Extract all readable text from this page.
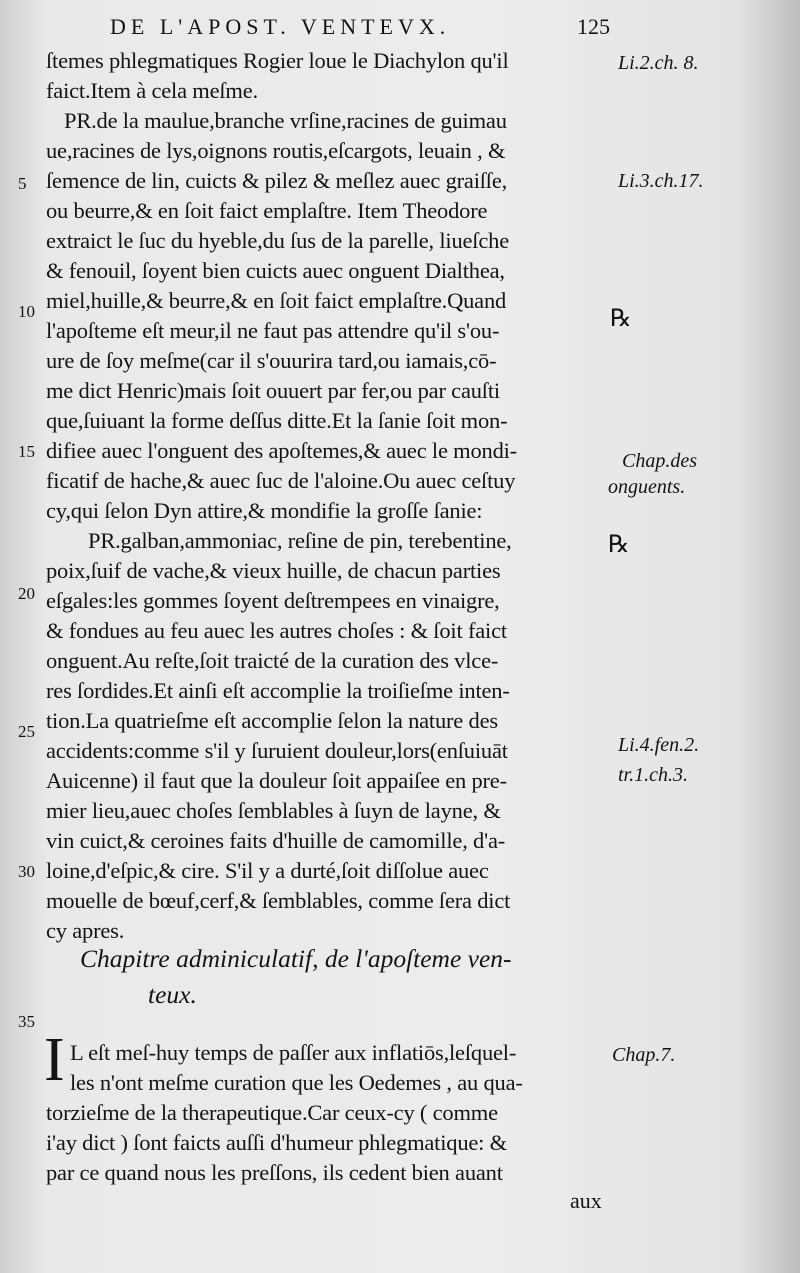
DE L'APOST. VENTEVX.	125
ſtemes phlegmatiques Rogier loue le Diachylon qu'il
faict.Item à cela meſme.
PR.de la maulue,branche vrſine,racines de guimau
ue,racines de lys,oignons routis,eſcargots, leuain , &
ſemence de lin, cuicts & pilez & meſlez auec graiſſe,
ou beurre,& en ſoit faict emplaſtre. Item Theodore
extraict le ſuc du hyeble,du ſus de la parelle, liueſche
& fenouil, ſoyent bien cuicts auec onguent Dialthea,
miel,huille,& beurre,& en ſoit faict emplaſtre.Quand
l'apoſteme eſt meur,il ne faut pas attendre qu'il s'ou-
ure de ſoy meſme(car il s'ouurira tard,ou iamais,cō-
me dict Henric)mais ſoit ouuert par fer,ou par cauſti
que,ſuiuant la forme deſſus ditte.Et la ſanie ſoit mon-
difiee auec l'onguent des apoſtemes,& auec le mondi-
ficatif de hache,& auec ſuc de l'aloine.Ou auec ceſtuy
cy,qui ſelon Dyn attire,& mondifie la groſſe ſanie:
PR.galban,ammoniac, reſine de pin, terebentine,
poix,ſuif de vache,& vieux huille, de chacun parties
eſgales:les gommes ſoyent deſtrempees en vinaigre,
& fondues au feu auec les autres choſes : & ſoit faict
onguent.Au reſte,ſoit traicté de la curation des vlce-
res ſordides.Et ainſi eſt accomplie la troiſieſme inten-
tion.La quatrieſme eſt accomplie ſelon la nature des
accidents:comme s'il y ſuruient douleur,lors(enſuiuāt
Auicenne) il faut que la douleur ſoit appaiſee en pre-
mier lieu,auec choſes ſemblables à ſuyn de layne, &
vin cuict,& ceroines faits d'huille de camomille, d'a-
loine,d'eſpic,& cire. S'il y a durté,ſoit diſſolue auec
mouelle de bœuf,cerf,& ſemblables, comme ſera dict
cy apres.
5
10
15
20
25
30
35
Li.2.ch. 8.
Li.3.ch.17.
Chap.des
onguents.
Li.4.fen.2.
tr.1.ch.3.
Chap.7.
℞
℞
Chapitre adminiculatif, de l'apoſteme ven-
teux.
I L eſt meſ-huy temps de paſſer aux inflatiōs,leſquel-
les n'ont meſme curation que les Oedemes , au qua-
torzieſme de la therapeutique.Car ceux-cy ( comme
i'ay dict ) ſont faicts auſſi d'humeur phlegmatique: &
par ce quand nous les preſſons, ils cedent bien auant
aux
